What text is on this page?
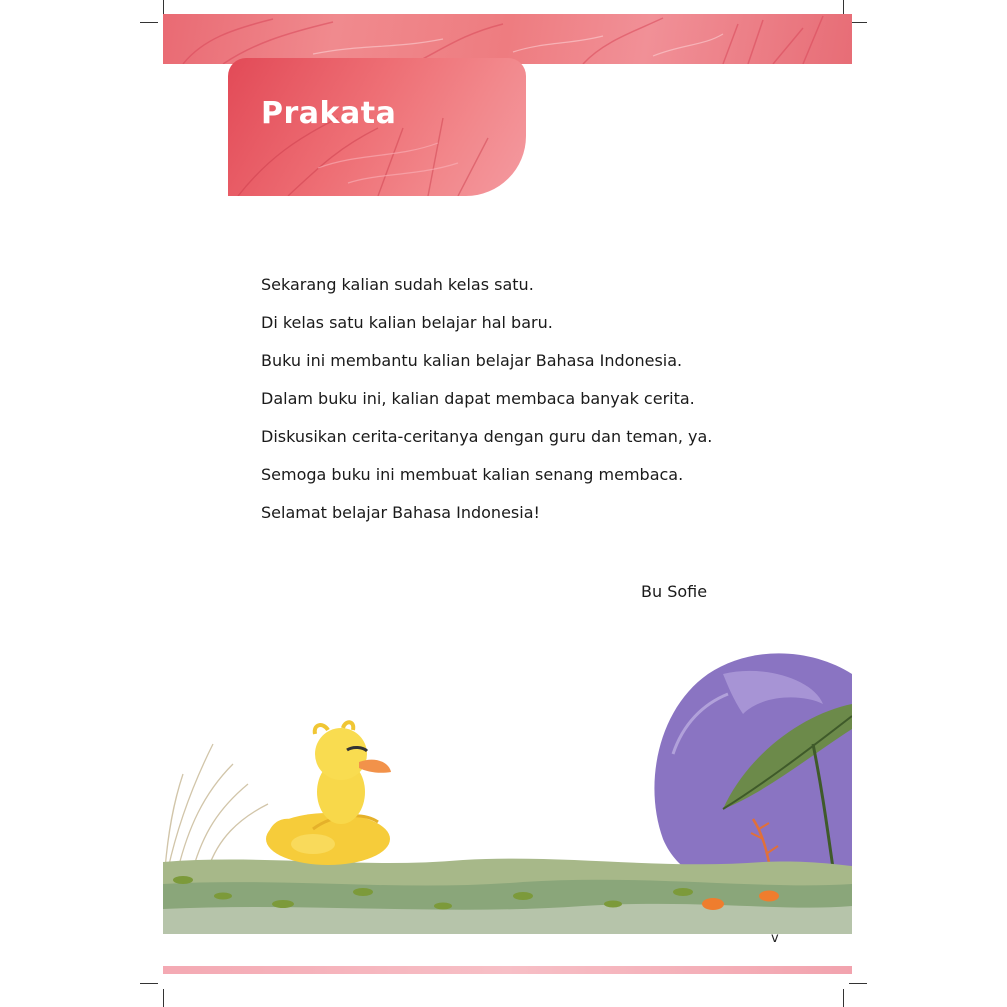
Prakata
Sekarang kalian sudah kelas satu.
Di kelas satu kalian belajar hal baru.
Buku ini membantu kalian belajar Bahasa Indonesia.
Dalam buku ini, kalian dapat membaca banyak cerita.
Diskusikan cerita-ceritanya dengan guru dan teman, ya.
Semoga buku ini membuat kalian senang membaca.
Selamat belajar Bahasa Indonesia!
Bu Sofie
v
